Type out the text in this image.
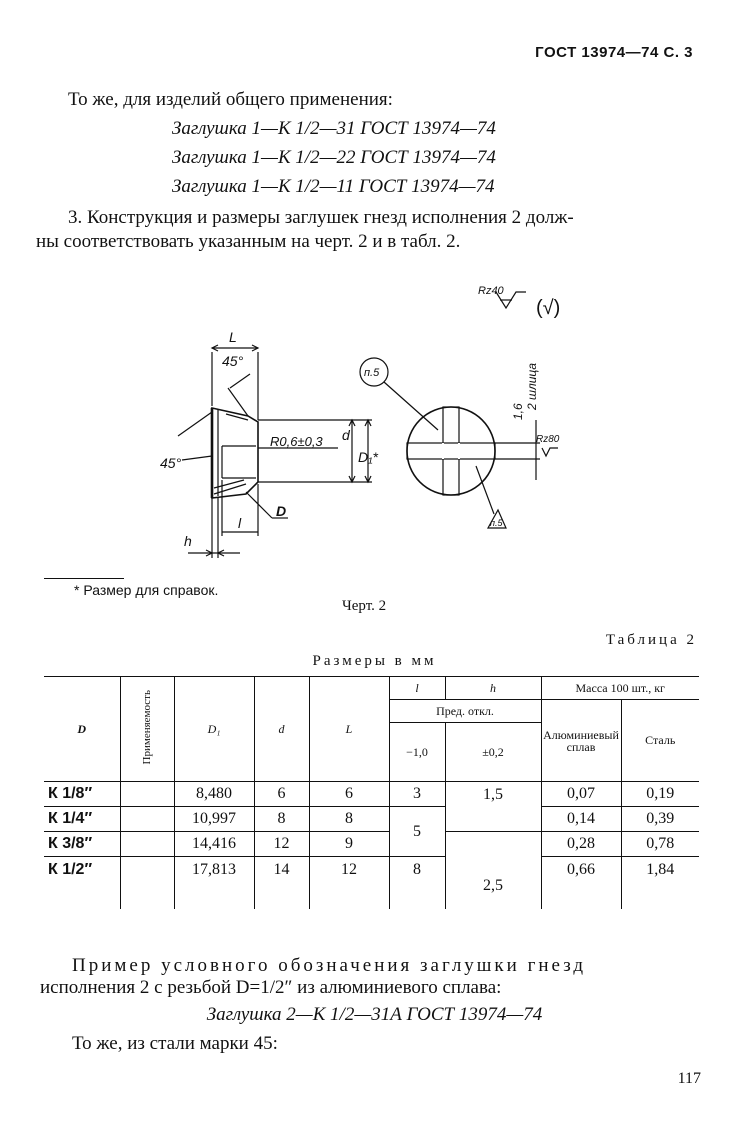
ГОСТ 13974—74 С. 3
То же, для изделий общего применения:
Заглушка 1—К 1/2—31 ГОСТ 13974—74
Заглушка 1—К 1/2—22 ГОСТ 13974—74
Заглушка 1—К 1/2—11 ГОСТ 13974—74
3. Конструкция и размеры заглушек гнезд исполнения 2 долж-
ны соответствовать указанным на черт. 2 и в табл. 2.
Rz40
(√)
L
45°
45°
R0,6±0,3 d
D₁*
D
l
h
п.5
п.5
1,6
2 шлица
Rz80
* Размер для справок.
Черт. 2
Таблица 2
Размеры в мм
D	Применяемость	D₁	d	L	l	h	Масса 100 шт., кг	
					Пред. откл.		Алюминиевый сплав	Сталь
					−1,0	±0,2		
К 1/8″		8,480	6	6	3	1,5	0,07	0,19
К 1/4″		10,997	8	8	5		0,14	0,39
К 3/8″		14,416	12	9		2,5	0,28	0,78
К 1/2″		17,813	14	12	8		0,66	1,84
Пример условного обозначения заглушки гнезд
исполнения 2 с резьбой D=1/2″ из алюминиевого сплава:
Заглушка 2—К 1/2—31А ГОСТ 13974—74
То же, из стали марки 45:
117
